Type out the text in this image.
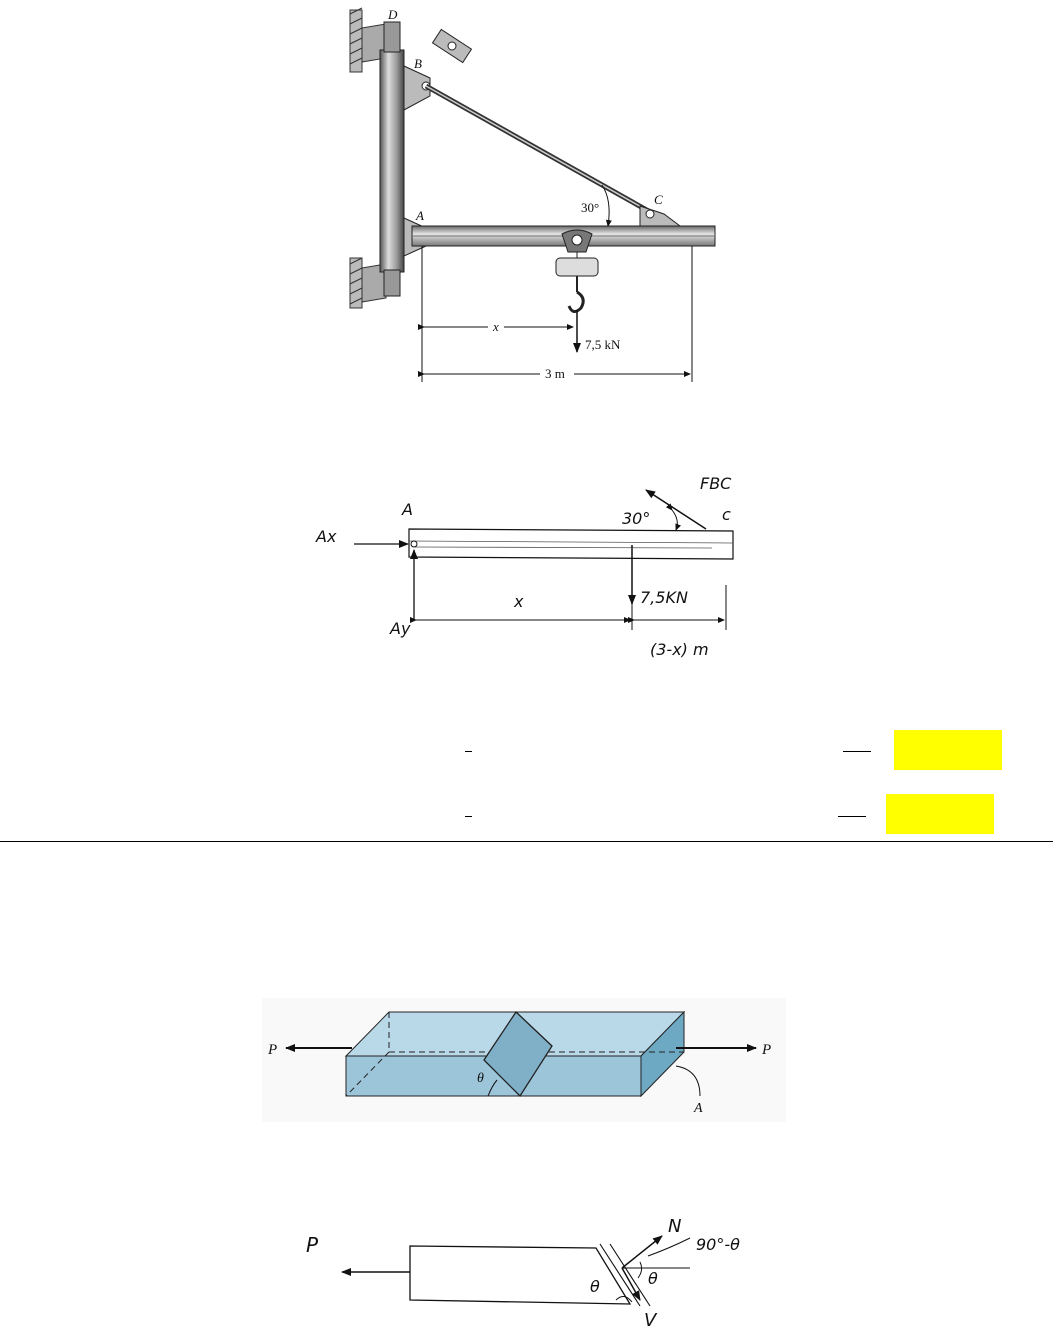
D
B
A
C
30°
x
7,5 kN
3 m
A
Ax
Ay
FBC
30°	c
x	7,5KN
(3-x) m
P	P
θ
A
P
N
V
θ	θ
90°-θ
